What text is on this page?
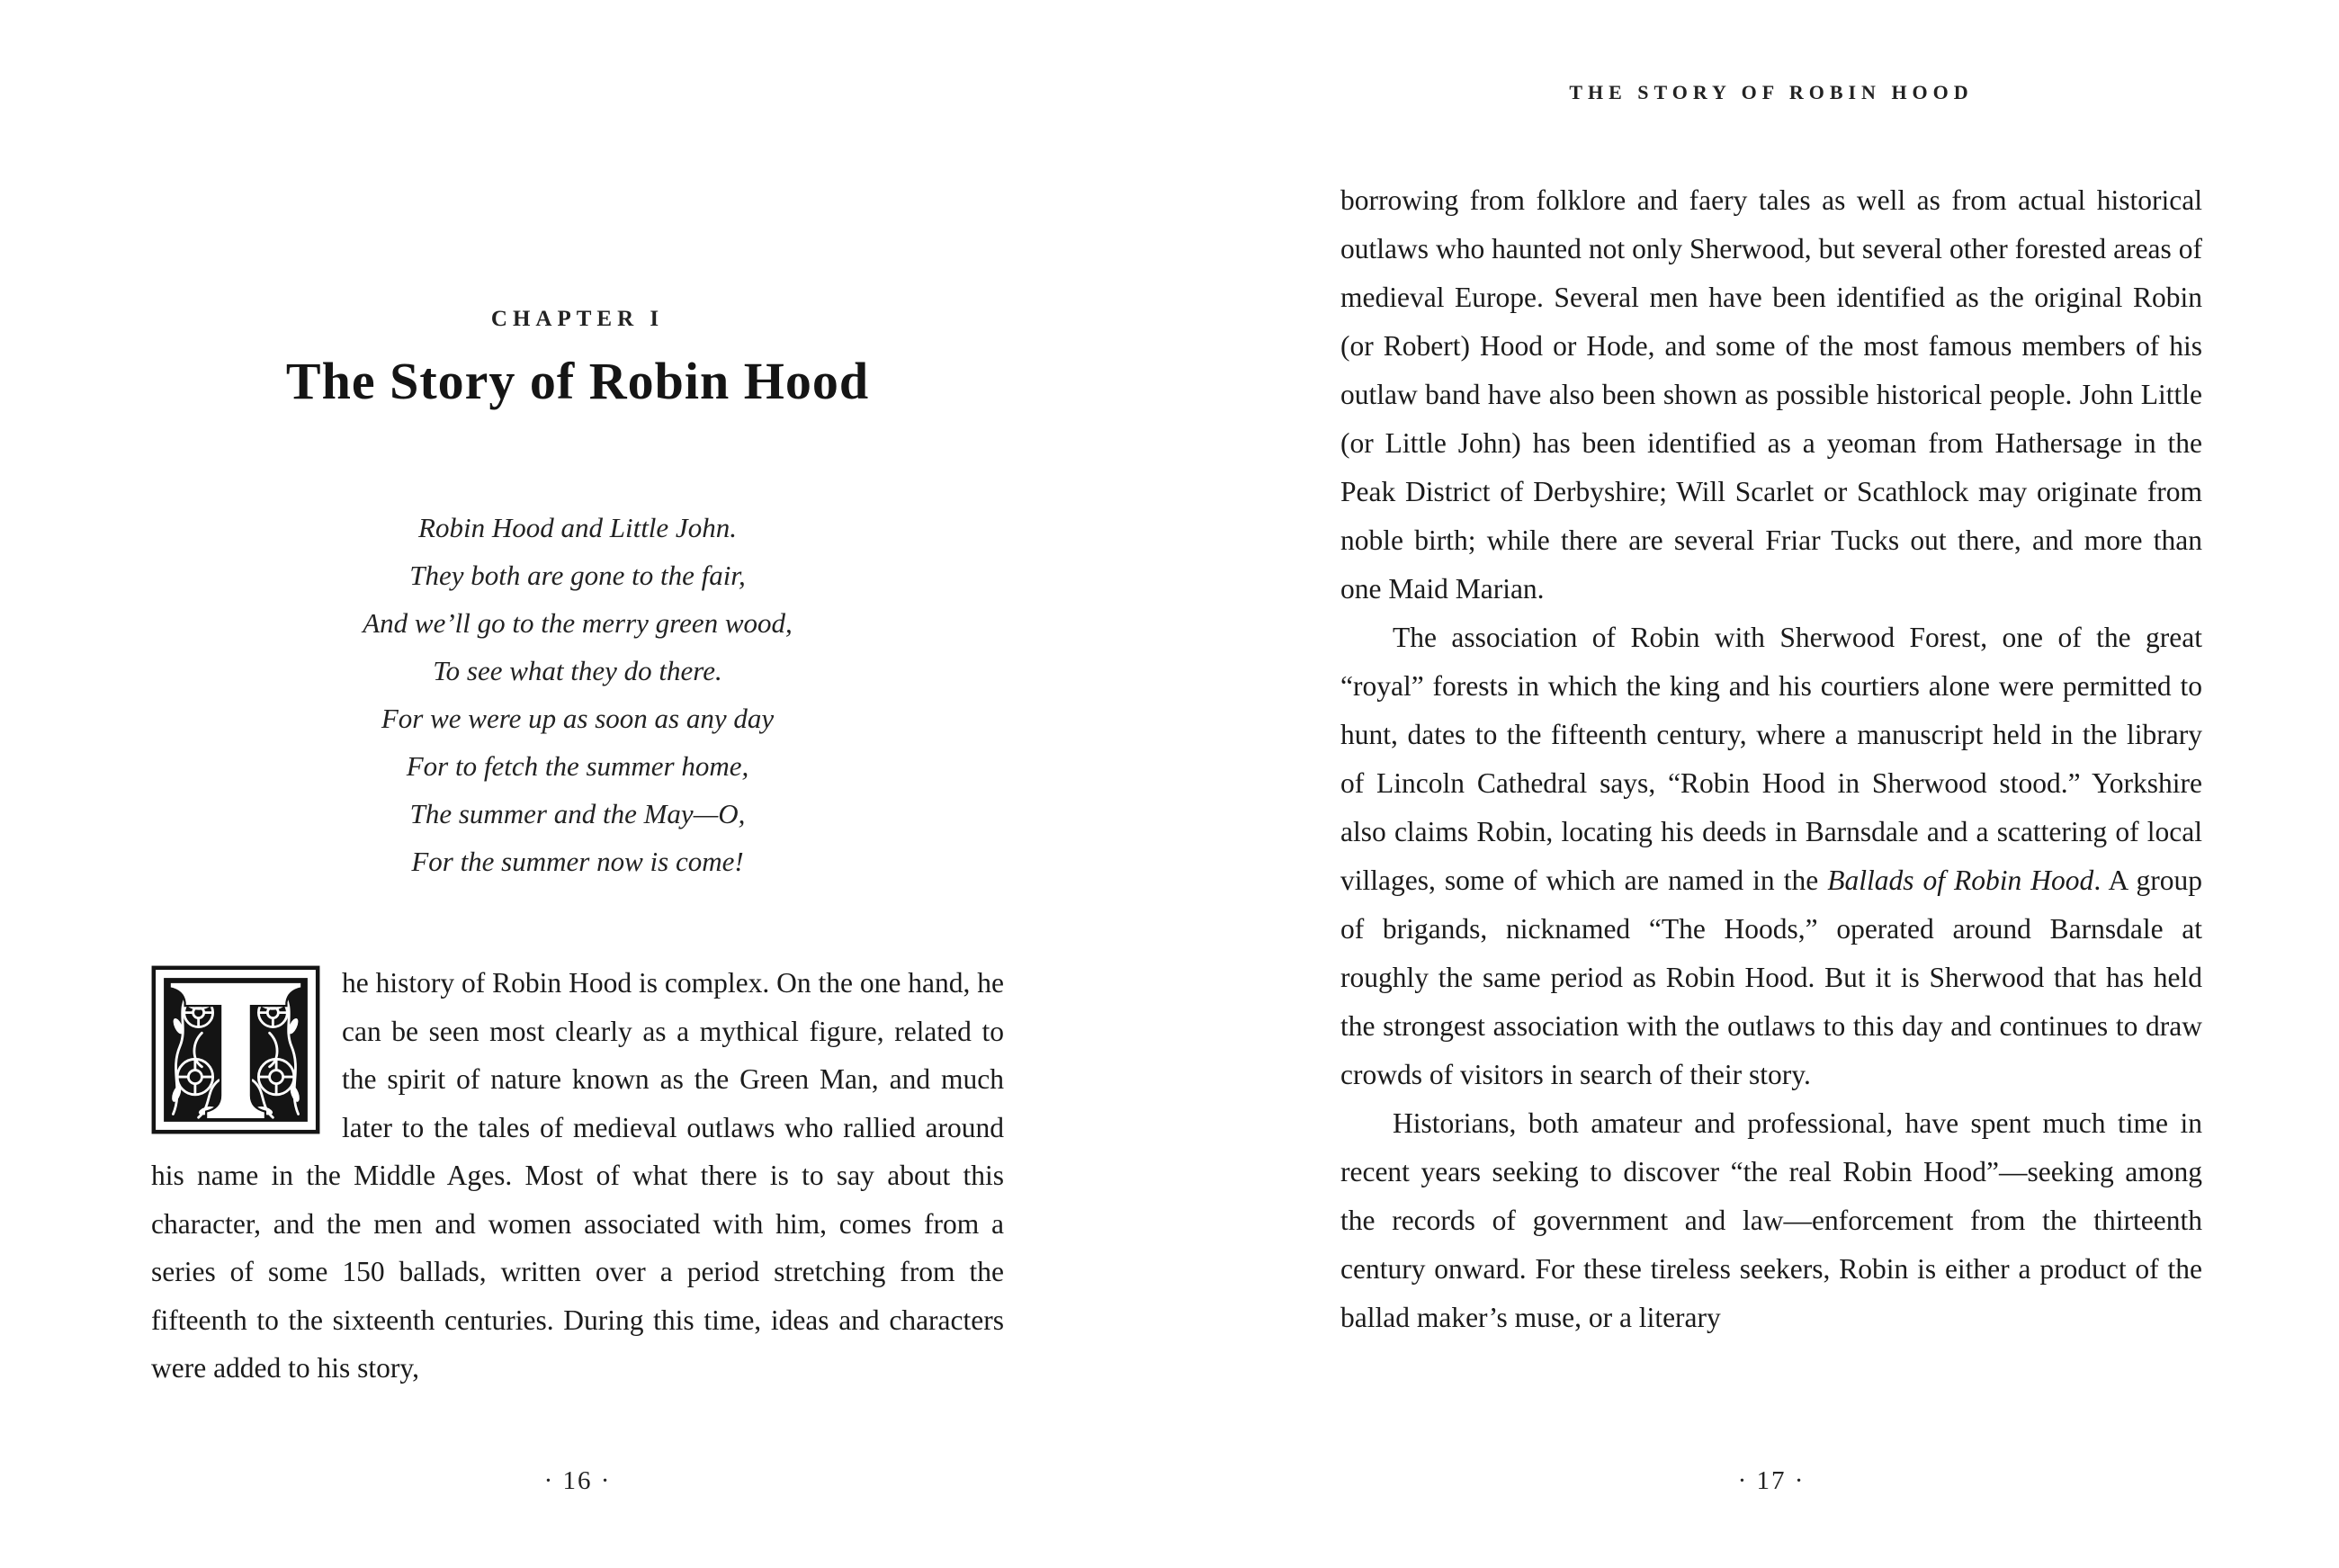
CHAPTER I
The Story of Robin Hood
Robin Hood and Little John.
They both are gone to the fair,
And we’ll go to the merry green wood,
To see what they do there.
For we were up as soon as any day
For to fetch the summer home,
The summer and the May—O,
For the summer now is come!

he history of Robin Hood is complex. On the one hand, he can be seen most clearly as a mythical figure, related to the spirit of nature known as the Green Man, and much later to the tales of medieval outlaws who rallied around his name in the Middle Ages. Most of what there is to say about this character, and the men and women associated with him, comes from a series of some 150 ballads, written over a period stretching from the fifteenth to the sixteenth centuries. During this time, ideas and characters were added to his story,

· 16 ·
THE STORY OF ROBIN HOOD

borrowing from folklore and faery tales as well as from actual historical outlaws who haunted not only Sherwood, but several other forested areas of medieval Europe. Several men have been identified as the original Robin (or Robert) Hood or Hode, and some of the most famous members of his outlaw band have also been shown as possible historical people. John Little (or Little John) has been identified as a yeoman from Hathersage in the Peak District of Derbyshire; Will Scarlet or Scathlock may originate from noble birth; while there are several Friar Tucks out there, and more than one Maid Marian.

The association of Robin with Sherwood Forest, one of the great “royal” forests in which the king and his courtiers alone were permitted to hunt, dates to the fifteenth century, where a manuscript held in the library of Lincoln Cathedral says, “Robin Hood in Sherwood stood.” Yorkshire also claims Robin, locating his deeds in Barnsdale and a scattering of local villages, some of which are named in the Ballads of Robin Hood. A group of brigands, nicknamed “The Hoods,” operated around Barnsdale at roughly the same period as Robin Hood. But it is Sherwood that has held the strongest association with the outlaws to this day and continues to draw crowds of visitors in search of their story.

Historians, both amateur and professional, have spent much time in recent years seeking to discover “the real Robin Hood”—seeking among the records of government and law—enforcement from the thirteenth century onward. For these tireless seekers, Robin is either a product of the ballad maker’s muse, or a literary

· 17 ·
